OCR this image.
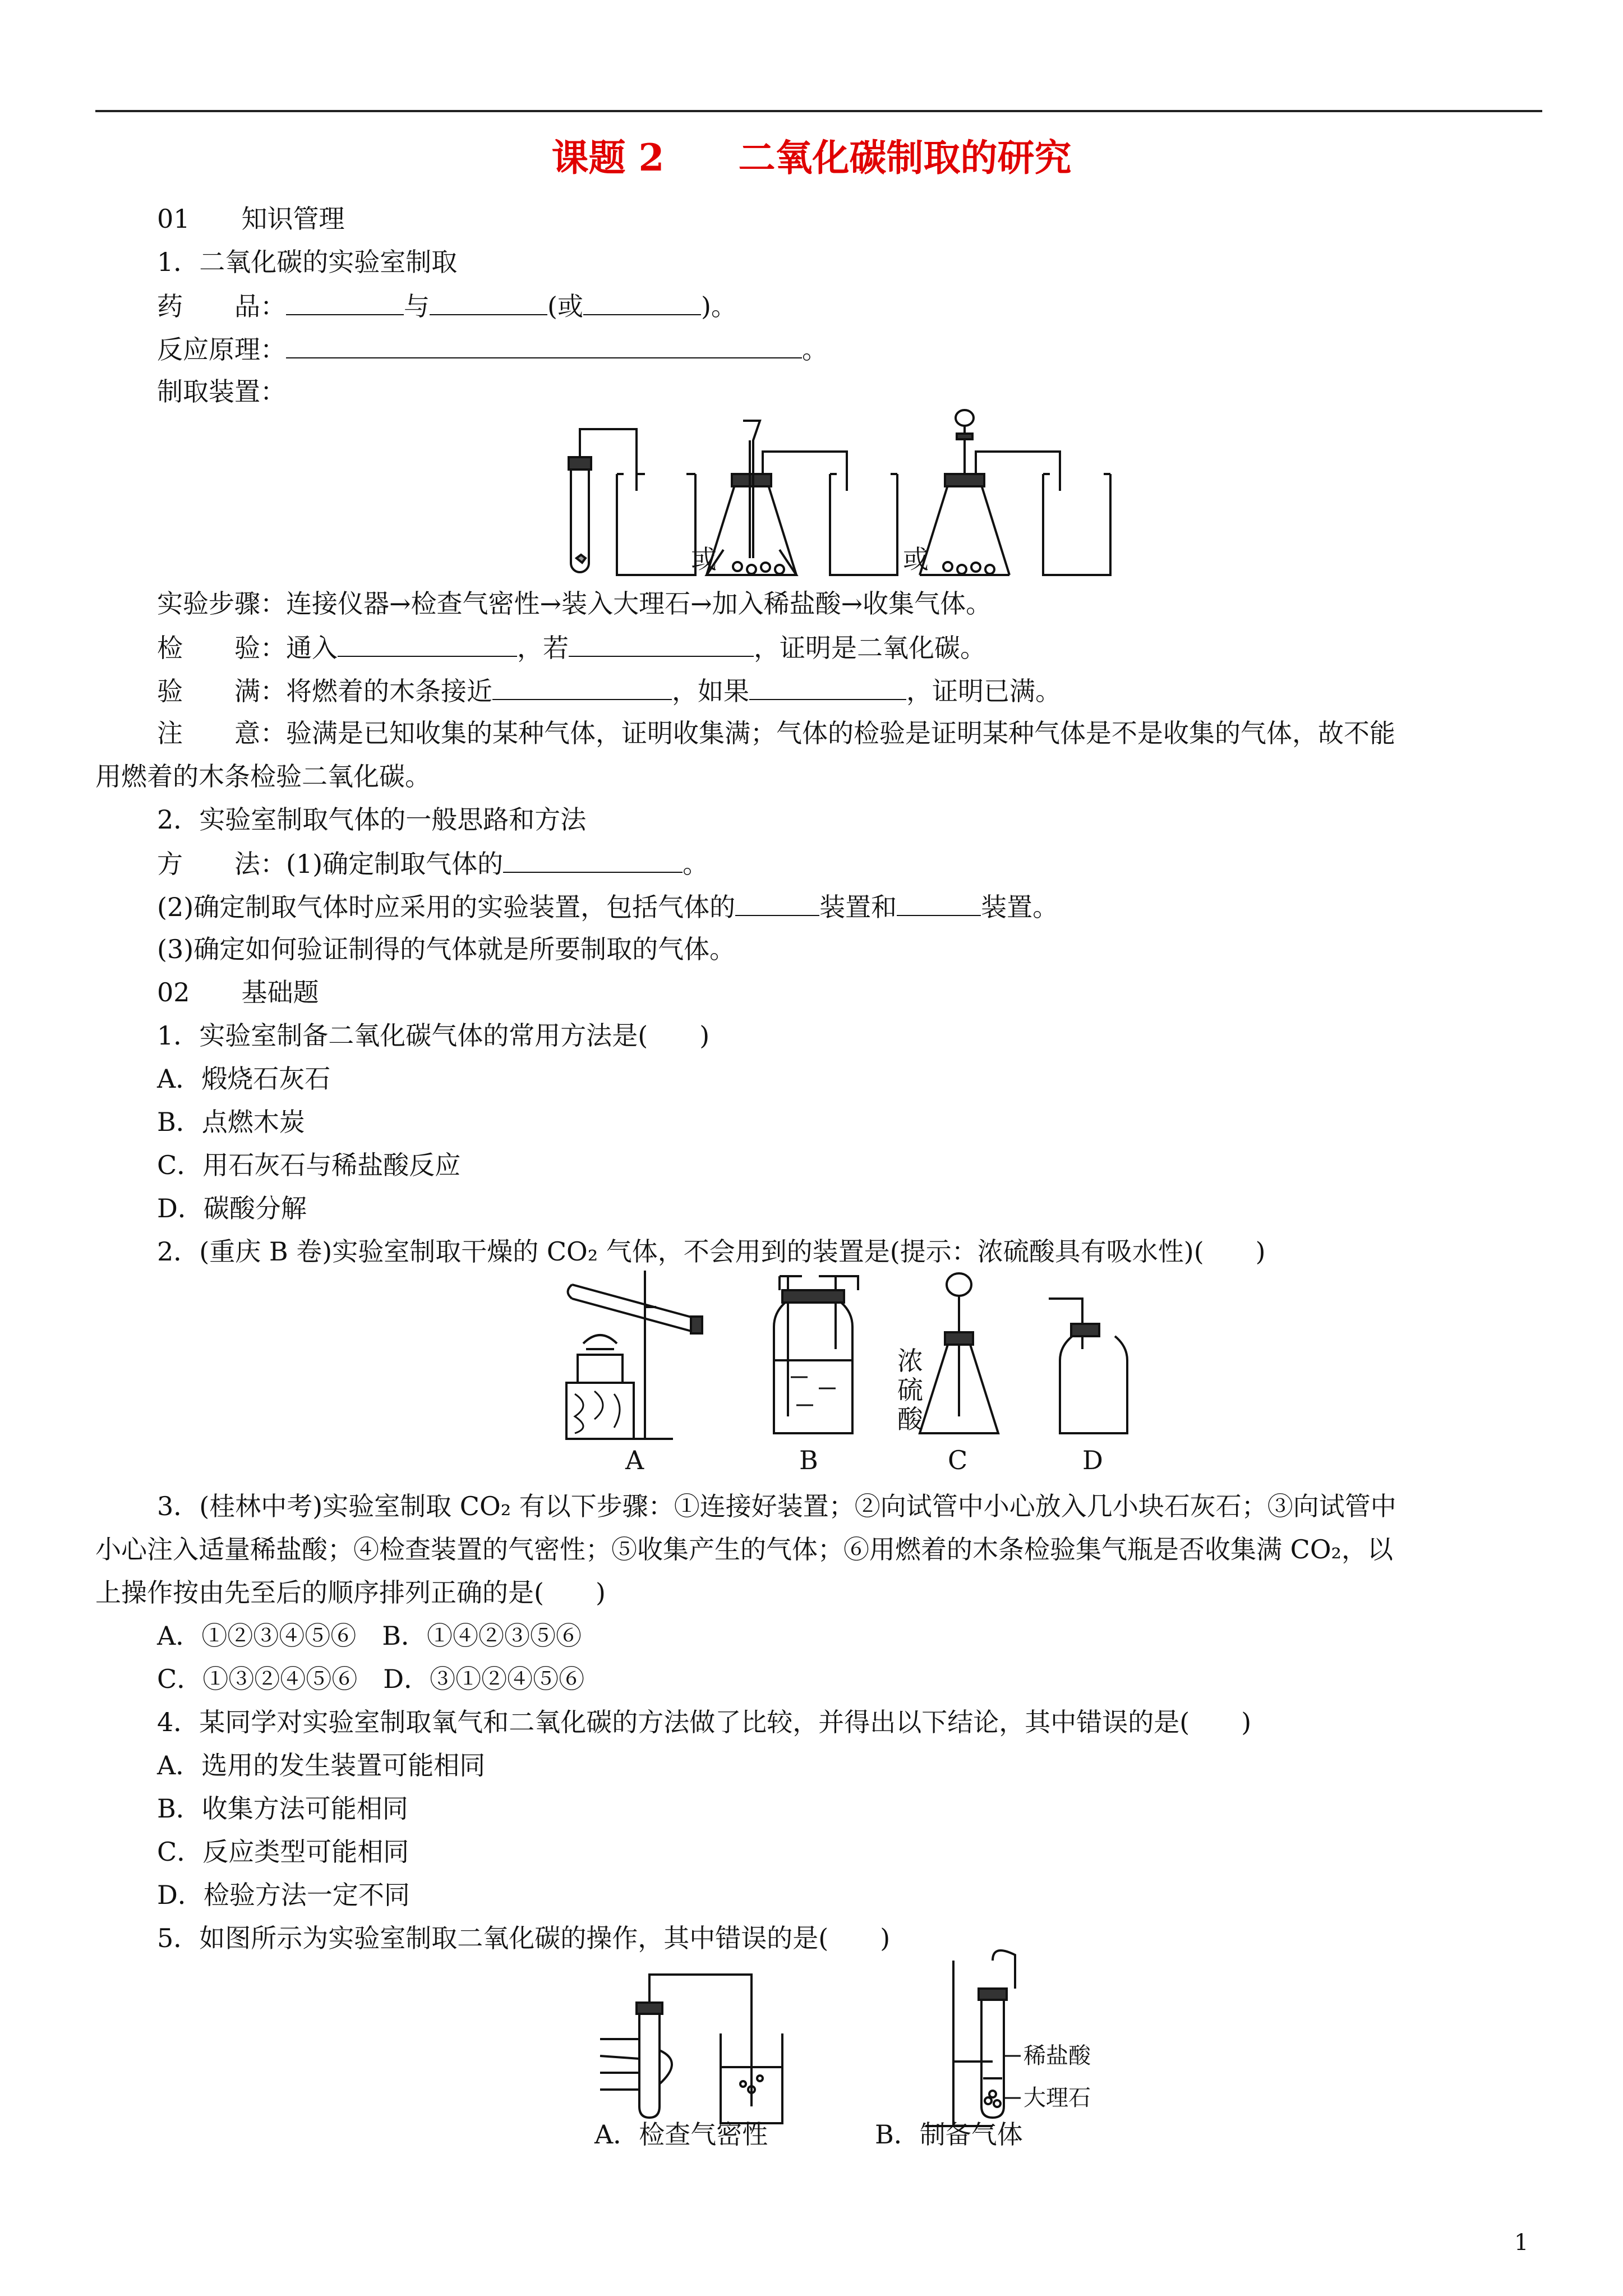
课题 2　　二氧化碳制取的研究
01　　知识管理
1．二氧化碳的实验室制取
药　　品：	与	(或	)。
反应原理：	。
制取装置：
或	或
实验步骤：连接仪器→检查气密性→装入大理石→加入稀盐酸→收集气体。
检　　验：通入	，若	，证明是二氧化碳。
验　　满：将燃着的木条接近	，如果	，证明已满。
注　　意：验满是已知收集的某种气体，证明收集满；气体的检验是证明某种气体是不是收集的气体，故不能
用燃着的木条检验二氧化碳。
2．实验室制取气体的一般思路和方法
方　　法：(1)确定制取气体的	。
(2)确定制取气体时应采用的实验装置，包括气体的	装置和	装置。
(3)确定如何验证制得的气体就是所要制取的气体。
02　　基础题
1．实验室制备二氧化碳气体的常用方法是(　　)
A．煅烧石灰石
B．点燃木炭
C．用石灰石与稀盐酸反应
D．碳酸分解
2．(重庆 B 卷)实验室制取干燥的 CO₂ 气体，不会用到的装置是(提示：浓硫酸具有吸水性)(　　)
浓
硫
酸
A	B	C	D
3．(桂林中考)实验室制取 CO₂ 有以下步骤：①连接好装置；②向试管中小心放入几小块石灰石；③向试管中
小心注入适量稀盐酸；④检查装置的气密性；⑤收集产生的气体；⑥用燃着的木条检验集气瓶是否收集满 CO₂，以
上操作按由先至后的顺序排列正确的是(　　)
A．①②③④⑤⑥　B．①④②③⑤⑥
C．①③②④⑤⑥　D．③①②④⑤⑥
4．某同学对实验室制取氧气和二氧化碳的方法做了比较，并得出以下结论，其中错误的是(　　)
A．选用的发生装置可能相同
B．收集方法可能相同
C．反应类型可能相同
D．检验方法一定不同
5．如图所示为实验室制取二氧化碳的操作，其中错误的是(　　)
稀盐酸
大理石
A．检查气密性	B．制备气体
1
